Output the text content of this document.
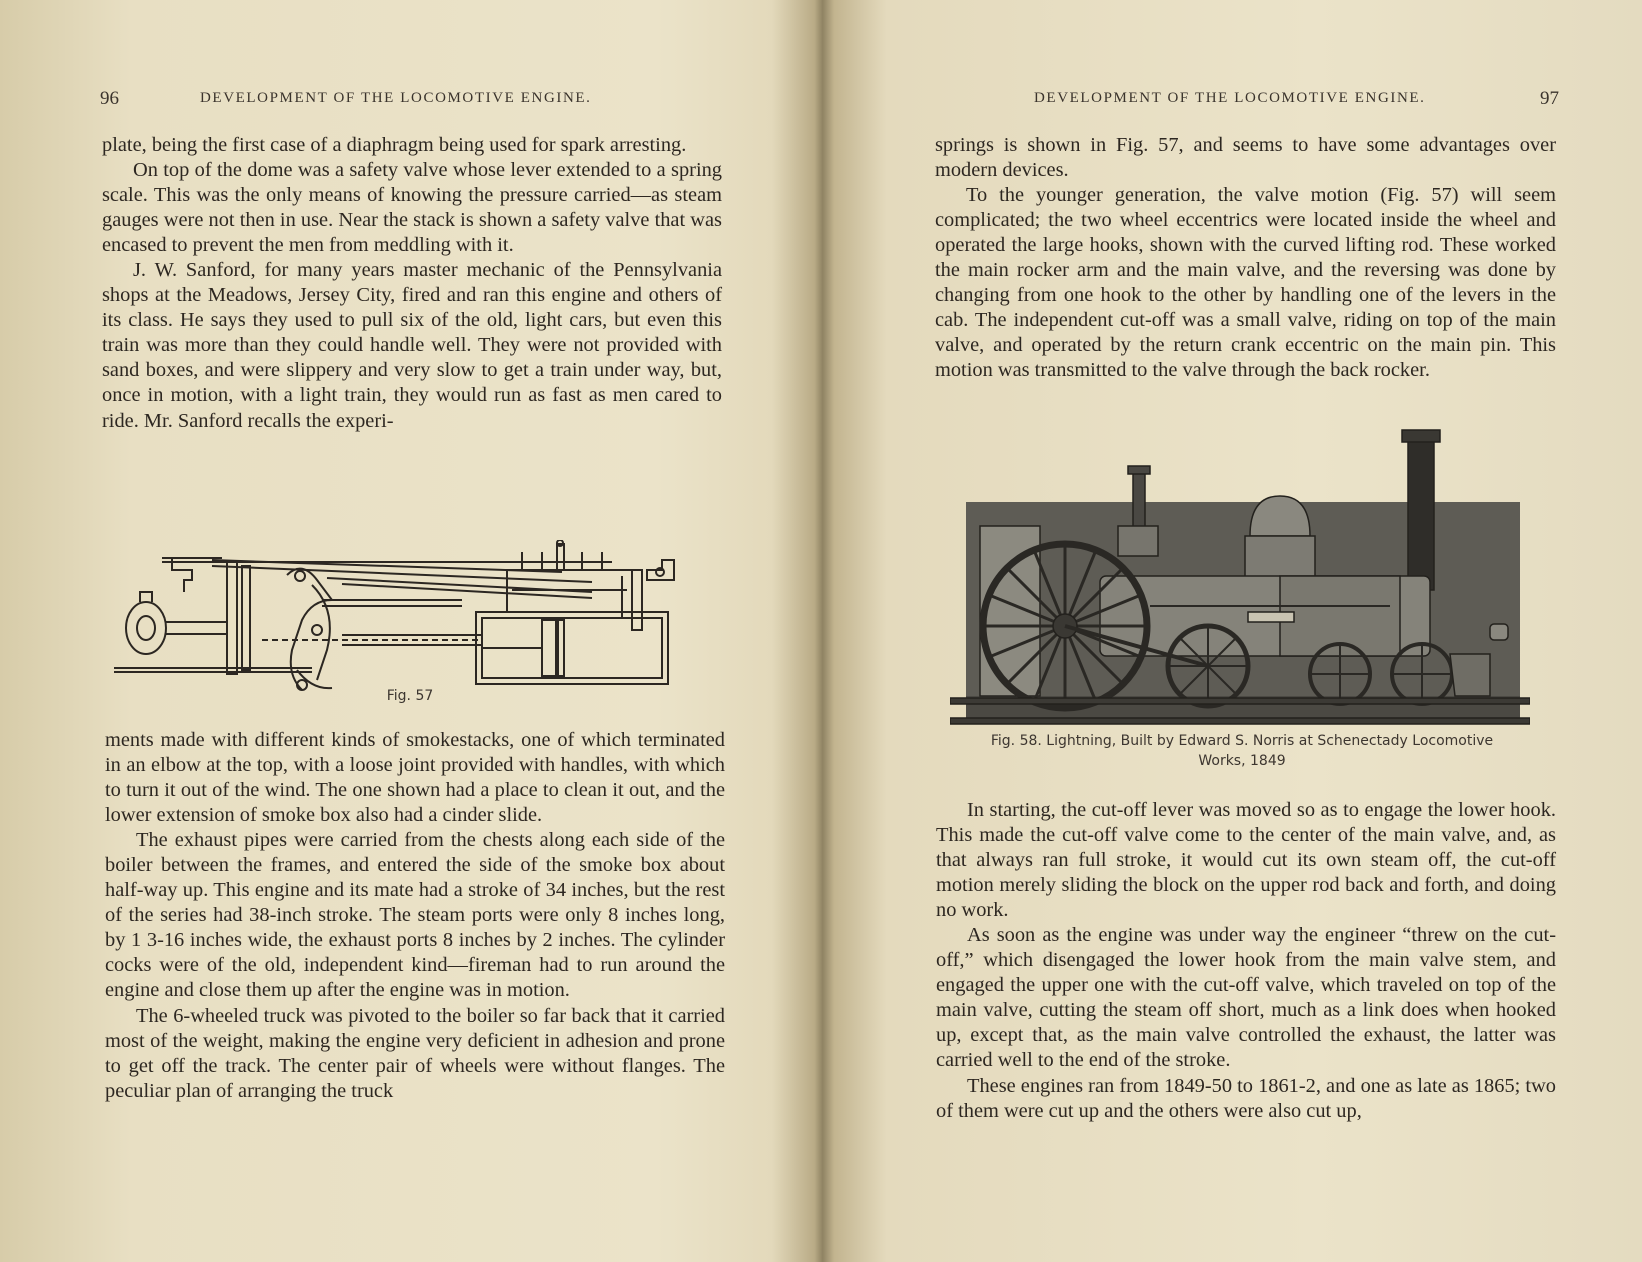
96	DEVELOPMENT OF THE LOCOMOTIVE ENGINE.

plate, being the first case of a diaphragm being used for spark arresting.

On top of the dome was a safety valve whose lever extended to a spring scale. This was the only means of knowing the pressure carried—as steam gauges were not then in use. Near the stack is shown a safety valve that was encased to prevent the men from meddling with it.

J. W. Sanford, for many years master mechanic of the Pennsylvania shops at the Meadows, Jersey City, fired and ran this engine and others of its class. He says they used to pull six of the old, light cars, but even this train was more than they could handle well. They were not provided with sand boxes, and were slippery and very slow to get a train under way, but, once in motion, with a light train, they would run as fast as men cared to ride. Mr. Sanford recalls the experi-

Fig. 57

ments made with different kinds of smokestacks, one of which terminated in an elbow at the top, with a loose joint provided with handles, with which to turn it out of the wind. The one shown had a place to clean it out, and the lower extension of smoke box also had a cinder slide.

The exhaust pipes were carried from the chests along each side of the boiler between the frames, and entered the side of the smoke box about half-way up. This engine and its mate had a stroke of 34 inches, but the rest of the series had 38-inch stroke. The steam ports were only 8 inches long, by 1 3-16 inches wide, the exhaust ports 8 inches by 2 inches. The cylinder cocks were of the old, independent kind—fireman had to run around the engine and close them up after the engine was in motion.

The 6-wheeled truck was pivoted to the boiler so far back that it carried most of the weight, making the engine very deficient in adhesion and prone to get off the track. The center pair of wheels were without flanges. The peculiar plan of arranging the truck

DEVELOPMENT OF THE LOCOMOTIVE ENGINE.	97

springs is shown in Fig. 57, and seems to have some advantages over modern devices.

To the younger generation, the valve motion (Fig. 57) will seem complicated; the two wheel eccentrics were located inside the wheel and operated the large hooks, shown with the curved lifting rod. These worked the main rocker arm and the main valve, and the reversing was done by changing from one hook to the other by handling one of the levers in the cab. The independent cut-off was a small valve, riding on top of the main valve, and operated by the return crank eccentric on the main pin. This motion was transmitted to the valve through the back rocker.

Fig. 58. Lightning, Built by Edward S. Norris at Schenectady Locomotive
Works, 1849

In starting, the cut-off lever was moved so as to engage the lower hook. This made the cut-off valve come to the center of the main valve, and, as that always ran full stroke, it would cut its own steam off, the cut-off motion merely sliding the block on the upper rod back and forth, and doing no work.

As soon as the engine was under way the engineer “threw on the cut-off,” which disengaged the lower hook from the main valve stem, and engaged the upper one with the cut-off valve, which traveled on top of the main valve, cutting the steam off short, much as a link does when hooked up, except that, as the main valve controlled the exhaust, the latter was carried well to the end of the stroke.

These engines ran from 1849-50 to 1861-2, and one as late as 1865; two of them were cut up and the others were also cut up,
